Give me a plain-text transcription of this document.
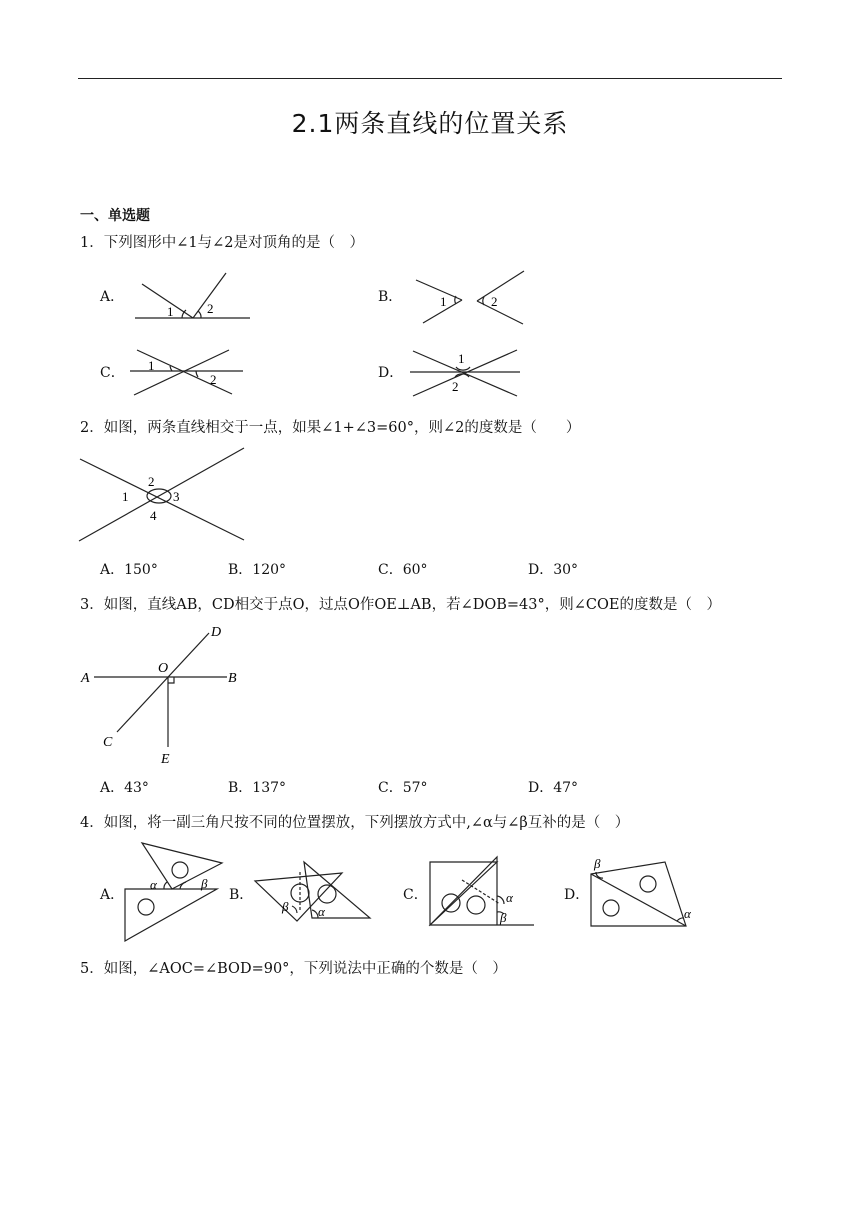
2.1两条直线的位置关系
一、单选题
1．下列图形中∠1与∠2是对顶角的是（　）
A．	B．
C．	D．
1	2	1	2
1
2
1
2
2．如图，两条直线相交于一点，如果∠1+∠3=60°，则∠2的度数是（　　）
2
1	3
4
A．150°	B．120°	C．60°	D．30°
3．如图，直线AB，CD相交于点O，过点O作OE⊥AB，若∠DOB=43°，则∠COE的度数是（　）
A	B
C
D
O
E
A．43°	B．137°	C．57°	D．47°
4．如图，将一副三角尺按不同的位置摆放，下列摆放方式中,∠α与∠β互补的是（　）
A．	B．	C．	D．
α	β
β α
α
β
β
α
5．如图，∠AOC=∠BOD=90°，下列说法中正确的个数是（　）
